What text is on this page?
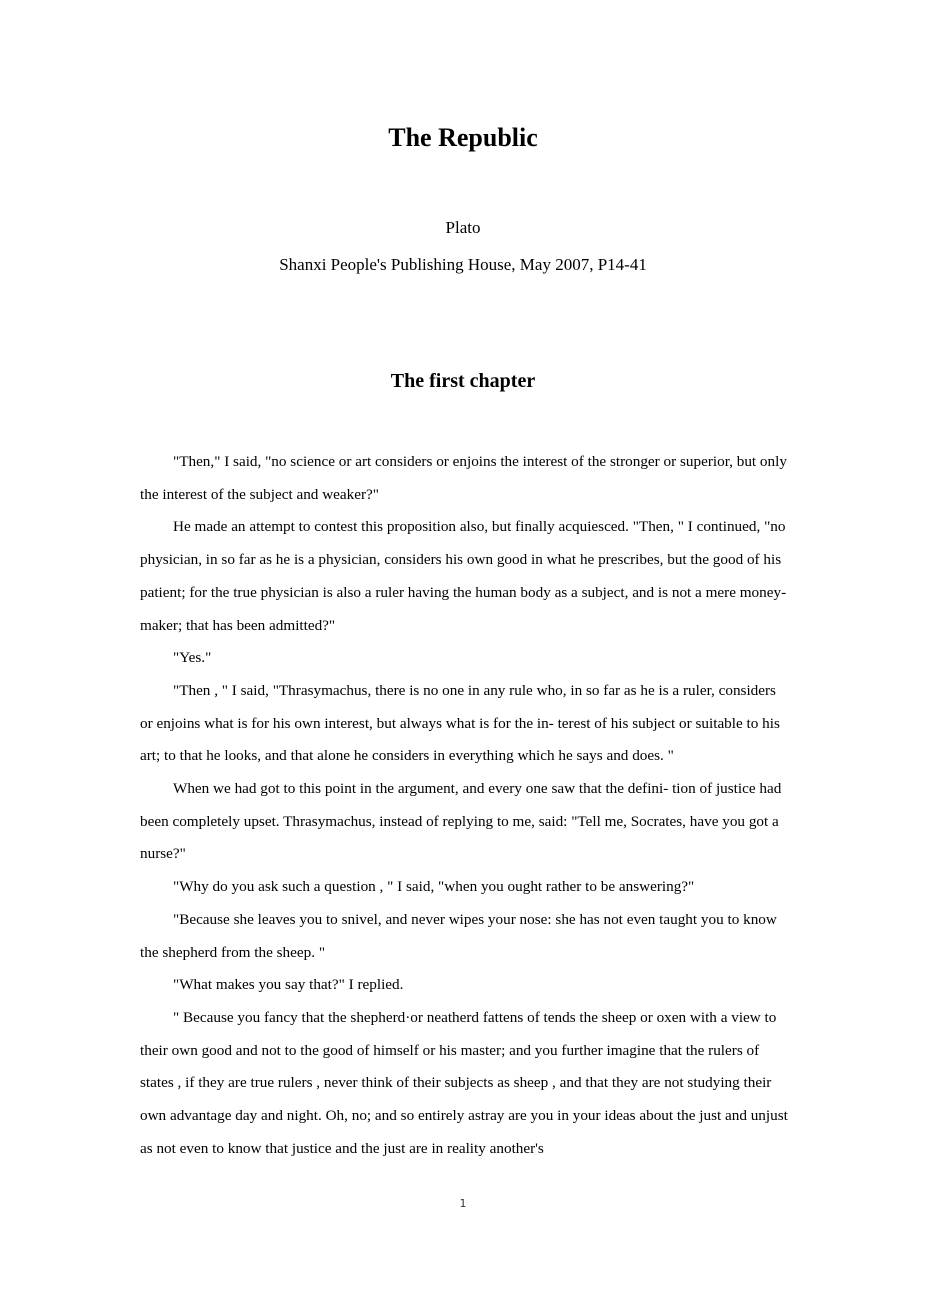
The Republic

Plato

Shanxi People's Publishing House, May 2007, P14-41

The first chapter

"Then," I said, "no science or art considers or enjoins the interest of the stronger or superior, but only the interest of the subject and weaker?"

He made an attempt to contest this proposition also, but finally acquiesced. "Then, " I continued, "no physician, in so far as he is a physician, considers his own good in what he prescribes, but the good of his patient; for the true physician is also a ruler having the human body as a subject, and is not a mere money-maker; that has been admitted?"

"Yes."

"Then , " I said, "Thrasymachus, there is no one in any rule who, in so far as he is a ruler, considers or enjoins what is for his own interest, but always what is for the in- terest of his subject or suitable to his art; to that he looks, and that alone he considers in everything which he says and does. "

When we had got to this point in the argument, and every one saw that the defini- tion of justice had been completely upset. Thrasymachus, instead of replying to me, said: "Tell me, Socrates, have you got a nurse?"

"Why do you ask such a question , " I said, "when you ought rather to be answering?"

"Because she leaves you to snivel, and never wipes your nose: she has not even taught you to know the shepherd from the sheep. "

"What makes you say that?" I replied.

" Because you fancy that the shepherd·or neatherd fattens of tends the sheep or oxen with a view to their own good and not to the good of himself or his master; and you further imagine that the rulers of states , if they are true rulers , never think of their subjects as sheep , and that they are not studying their own advantage day and night. Oh, no; and so entirely astray are you in your ideas about the just and unjust as not even to know that justice and the just are in reality another's

1
